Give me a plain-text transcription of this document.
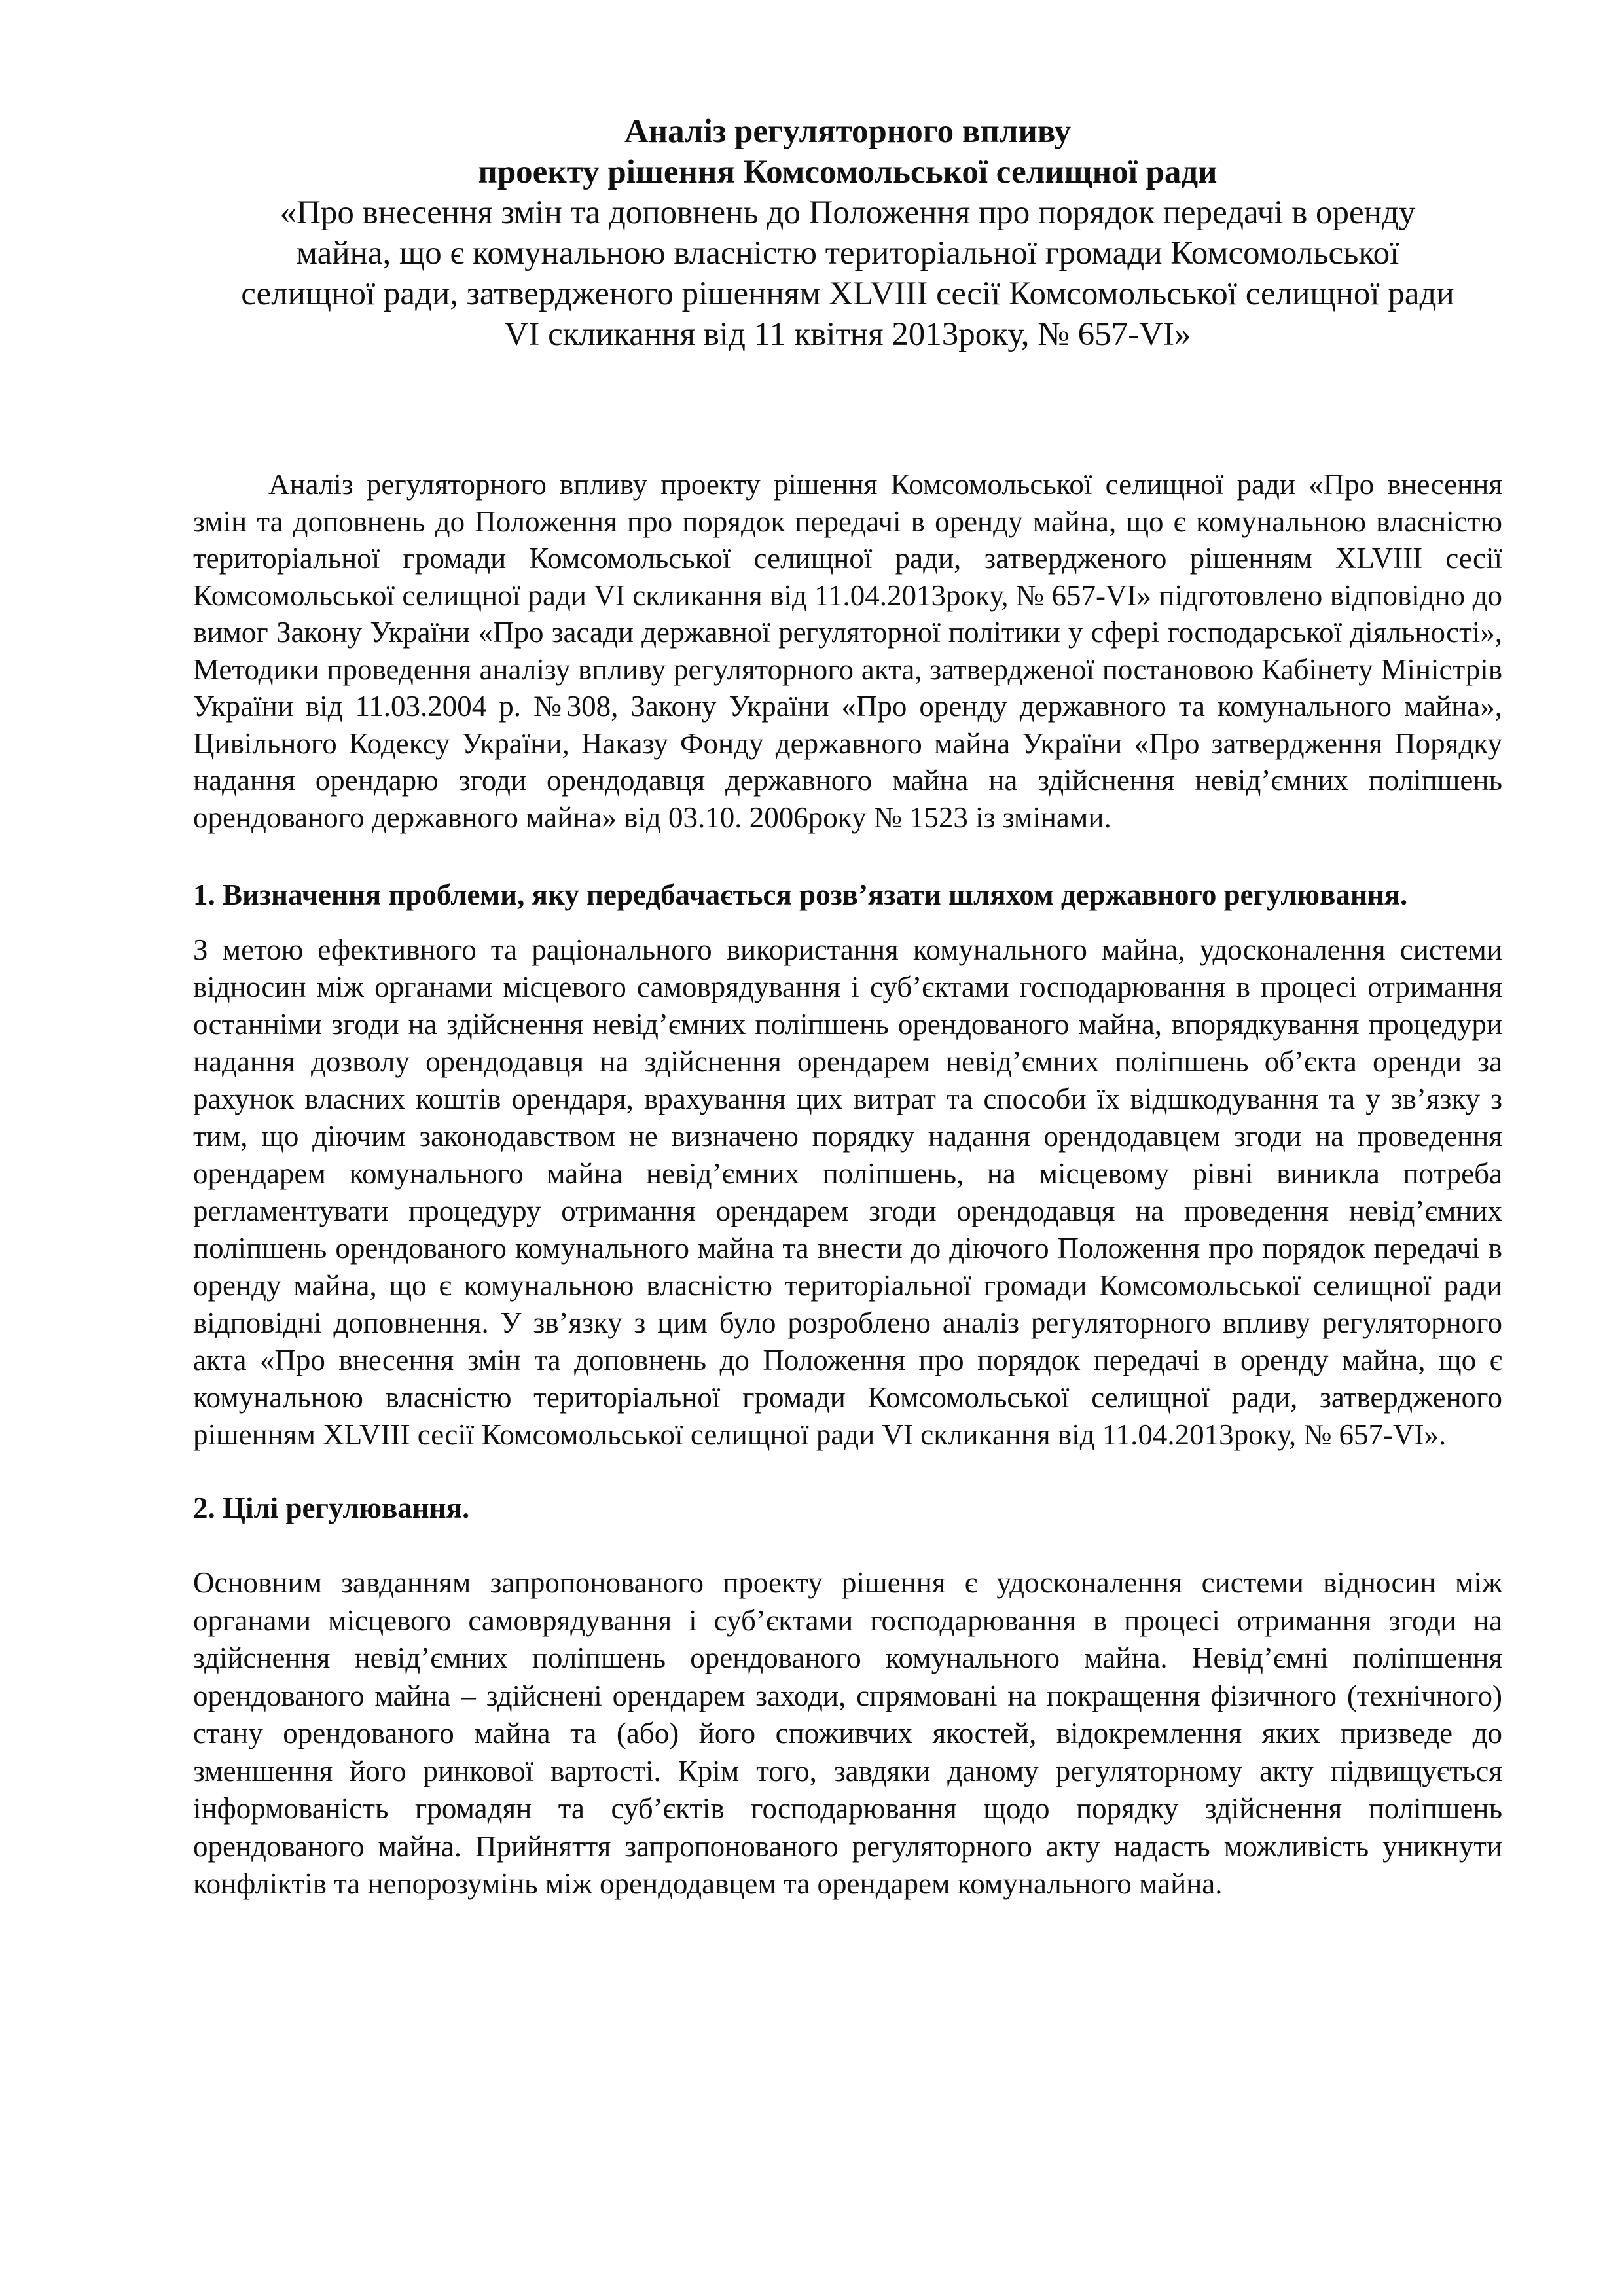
Аналіз регуляторного впливу
проекту рішення Комсомольської селищної ради
«Про внесення змін та доповнень до Положення про порядок передачі в оренду
майна, що є комунальною власністю територіальної громади Комсомольської
селищної ради, затвердженого рішенням XLVIII сесії Комсомольської селищної ради
VI скликання від 11 квітня 2013року, № 657-VI»

Аналіз регуляторного впливу проекту рішення Комсомольської селищної ради «Про внесення змін та доповнень до Положення про порядок передачі в оренду майна, що є комунальною власністю територіальної громади Комсомольської селищної ради, затвердженого рішенням XLVIII сесії Комсомольської селищної ради VI скликання від 11.04.2013року, № 657-VI» підготовлено відповідно до вимог Закону України «Про засади державної регуляторної політики у сфері господарської діяльності», Методики проведення аналізу впливу регуляторного акта, затвердженої постановою Кабінету Міністрів України від 11.03.2004 р. №308, Закону України «Про оренду державного та комунального майна», Цивільного Кодексу України, Наказу Фонду державного майна України «Про затвердження Порядку надання орендарю згоди орендодавця державного майна на здійснення невід’ємних поліпшень орендованого державного майна» від 03.10. 2006року № 1523 із змінами.

1. Визначення проблеми, яку передбачається розв’язати шляхом державного регулювання.

З метою ефективного та раціонального використання комунального майна, удосконалення системи відносин між органами місцевого самоврядування і суб’єктами господарювання в процесі отримання останніми згоди на здійснення невід’ємних поліпшень орендованого майна, впорядкування процедури надання дозволу орендодавця на здійснення орендарем невід’ємних поліпшень об’єкта оренди за рахунок власних коштів орендаря, врахування цих витрат та способи їх відшкодування та у зв’язку з тим, що діючим законодавством не визначено порядку надання орендодавцем згоди на проведення орендарем комунального майна невід’ємних поліпшень, на місцевому рівні виникла потреба регламентувати процедуру отримання орендарем згоди орендодавця на проведення невід’ємних поліпшень орендованого комунального майна та внести до діючого Положення про порядок передачі в оренду майна, що є комунальною власністю територіальної громади Комсомольської селищної ради відповідні доповнення. У зв’язку з цим було розроблено аналіз регуляторного впливу регуляторного акта «Про внесення змін та доповнень до Положення про порядок передачі в оренду майна, що є комунальною власністю територіальної громади Комсомольської селищної ради, затвердженого рішенням XLVIII сесії Комсомольської селищної ради VI скликання від 11.04.2013року, № 657-VI».

2. Цілі регулювання.

Основним завданням запропонованого проекту рішення є удосконалення системи відносин між органами місцевого самоврядування і суб’єктами господарювання в процесі отримання згоди на здійснення невід’ємних поліпшень орендованого комунального майна. Невід’ємні поліпшення орендованого майна – здійснені орендарем заходи, спрямовані на покращення фізичного (технічного) стану орендованого майна та (або) його споживчих якостей, відокремлення яких призведе до зменшення його ринкової вартості. Крім того, завдяки даному регуляторному акту підвищується інформованість громадян та суб’єктів господарювання щодо порядку здійснення поліпшень орендованого майна. Прийняття запропонованого регуляторного акту надасть можливість уникнути конфліктів та непорозумінь між орендодавцем та орендарем комунального майна.
